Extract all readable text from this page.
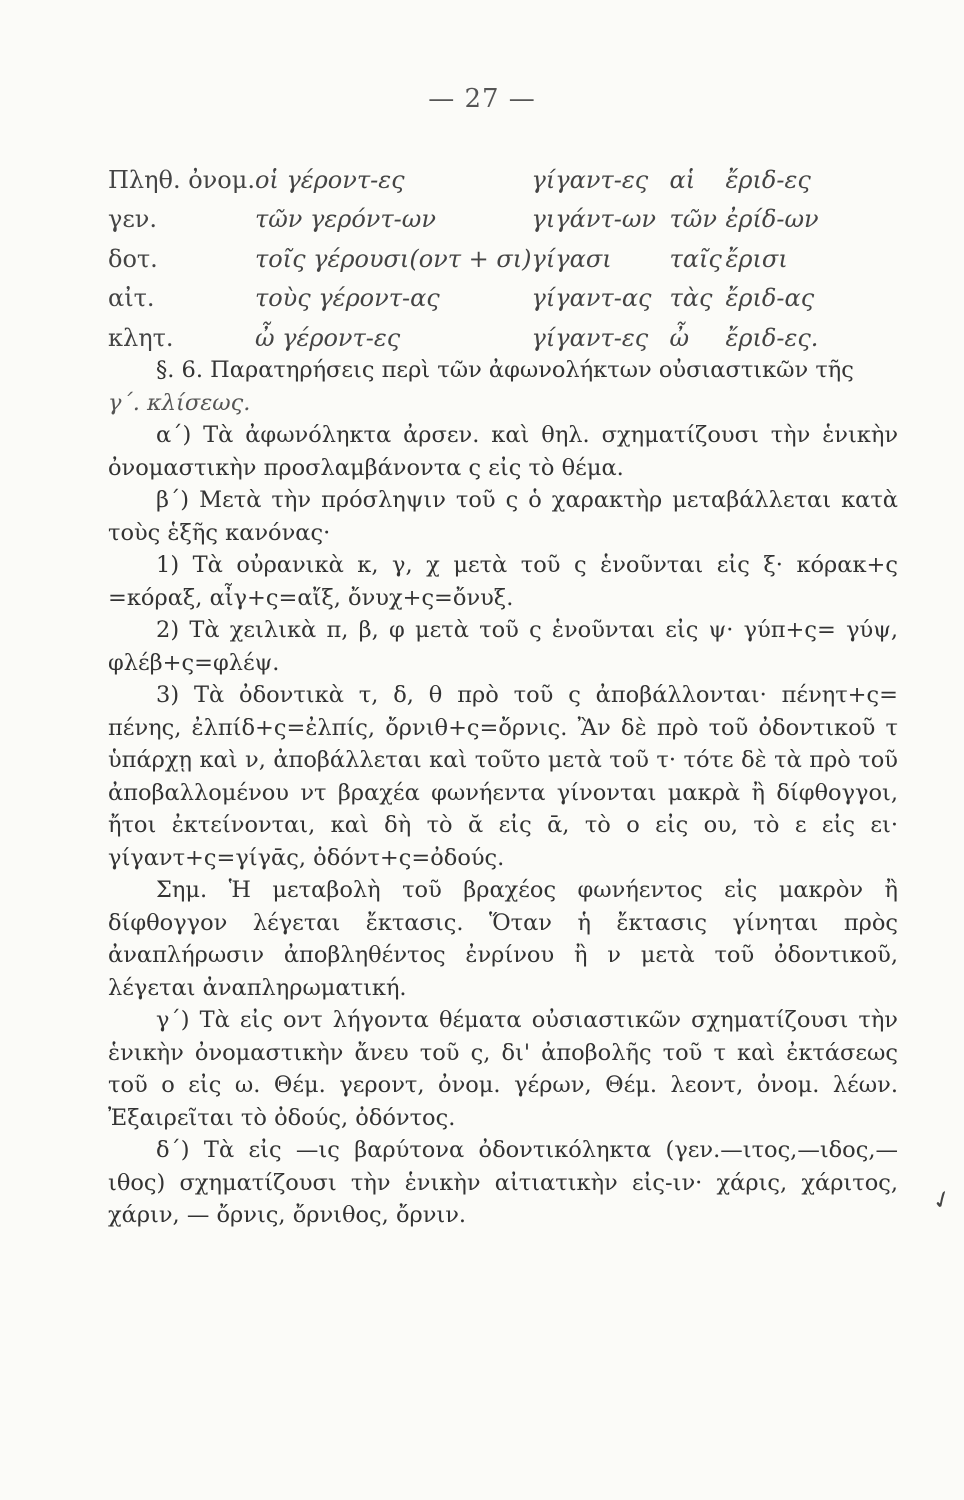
— 27 —
Πληθ. ὀνομ.	οἱ γέροντ-ες	γίγαντ-ες	αἱ	ἔριδ-ες
γεν.	τῶν γερόντ-ων	γιγάντ-ων	τῶν	ἐρίδ-ων
δοτ.	τοῖς γέρουσι(οντ + σι)	γίγασι	ταῖς	ἔρισι
αἰτ.	τοὺς γέροντ-ας	γίγαντ-ας	τὰς	ἔριδ-ας
κλητ.	ὦ γέροντ-ες	γίγαντ-ες	ὦ	ἔριδ-ες.

§. 6. Παρατηρήσεις περὶ τῶν ἀφωνολήκτων οὐσιαστικῶν τῆς

γ΄. κλίσεως.

α΄) Τὰ ἀφωνόληκτα ἀρσεν. καὶ θηλ. σχηματίζουσι τὴν ἑνικὴν ὀνομαστικὴν προσλαμβάνοντα ς εἰς τὸ θέμα.

β΄) Μετὰ τὴν πρόσληψιν τοῦ ς ὁ χαρακτὴρ μεταβάλλεται κατὰ τοὺς ἑξῆς κανόνας·

1) Τὰ οὐρανικὰ κ, γ, χ μετὰ τοῦ ς ἑνοῦνται εἰς ξ· κόρακ+ς =κόραξ, αἶγ+ς=αἴξ, ὄνυχ+ς=ὄνυξ.

2) Τὰ χειλικὰ π, β, φ μετὰ τοῦ ς ἑνοῦνται εἰς ψ· γύπ+ς= γύψ, φλέβ+ς=φλέψ.

3) Τὰ ὀδοντικὰ τ, δ, θ πρὸ τοῦ ς ἀποβάλλονται· πένητ+ς= πένης, ἐλπίδ+ς=ἐλπίς, ὄρνιθ+ς=ὄρνις. Ἂν δὲ πρὸ τοῦ ὀδοντικοῦ τ ὑπάρχῃ καὶ ν, ἀποβάλλεται καὶ τοῦτο μετὰ τοῦ τ· τότε δὲ τὰ πρὸ τοῦ ἀποβαλλομένου ντ βραχέα φωνήεντα γίνονται μακρὰ ἢ δίφθογγοι, ἤτοι ἐκτείνονται, καὶ δὴ τὸ ᾰ εἰς ᾱ, τὸ ο εἰς ου, τὸ ε εἰς ει· γίγαντ+ς=γίγᾱς, ὀδόντ+ς=ὀδούς.

Σημ. Ἡ μεταβολὴ τοῦ βραχέος φωνήεντος εἰς μακρὸν ἢ δίφθογγον λέγεται ἔκτασις. Ὅταν ἡ ἔκτασις γίνηται πρὸς ἀναπλήρωσιν ἀποβληθέντος ἐνρίνου ἢ ν μετὰ τοῦ ὀδοντικοῦ, λέγεται ἀναπληρωματική.

γ΄) Τὰ εἰς οντ λήγοντα θέματα οὐσιαστικῶν σχηματίζουσι τὴν ἑνικὴν ὀνομαστικὴν ἄνευ τοῦ ς, δι' ἀποβολῆς τοῦ τ καὶ ἐκτάσεως τοῦ ο εἰς ω. Θέμ. γεροντ, ὀνομ. γέρων, Θέμ. λεοντ, ὀνομ. λέων. Ἐξαιρεῖται τὸ ὀδούς, ὀδόντος.

δ΄) Τὰ εἰς —ις βαρύτονα ὀδοντικόληκτα (γεν.—ιτος,—ιδος,—ιθος) σχηματίζουσι τὴν ἑνικὴν αἰτιατικὴν εἰς-ιν· χάρις, χάριτος, χάριν, — ὄρνις, ὄρνιθος, ὄρνιν.	✓
